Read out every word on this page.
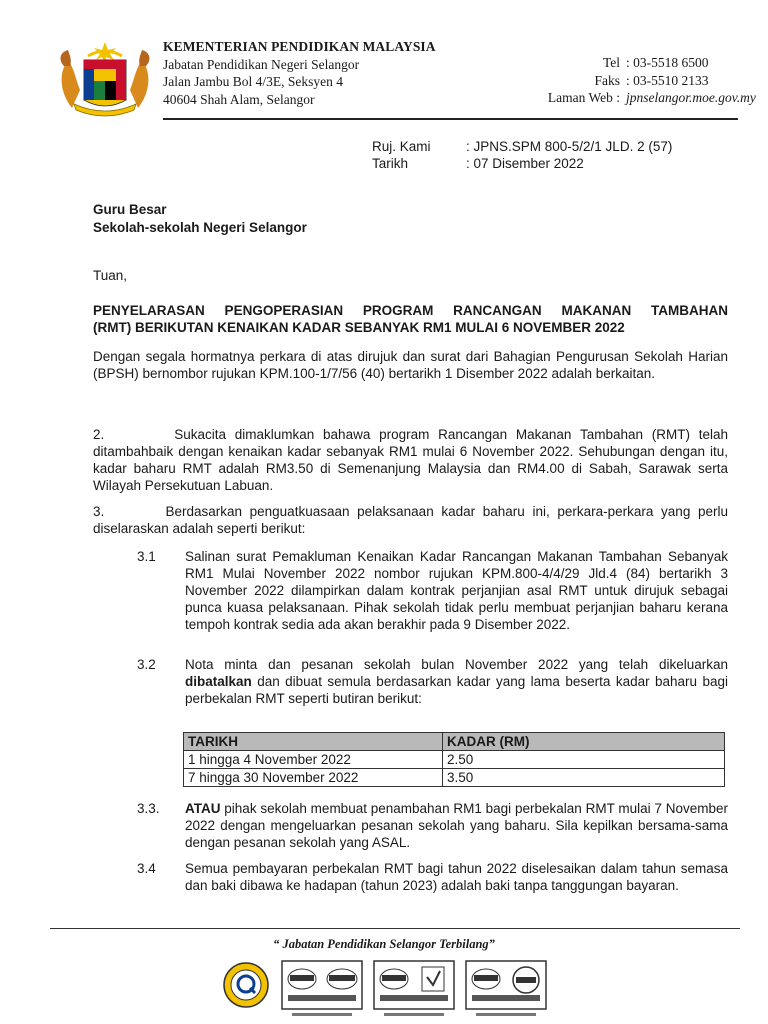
KEMENTERIAN PENDIDIKAN MALAYSIA
Jabatan Pendidikan Negeri Selangor
Jalan Jambu Bol 4/3E, Seksyen 4
40604 Shah Alam, Selangor
Tel : 03-5518 6500
Faks : 03-5510 2133
Laman Web : jpnselangor.moe.gov.my
Ruj. Kami	: JPNS.SPM 800-5/2/1 JLD. 2 (57)
Tarikh	: 07 Disember 2022
Guru Besar
Sekolah-sekolah Negeri Selangor
Tuan,
PENYELARASAN PENGOPERASIAN PROGRAM RANCANGAN MAKANAN TAMBAHAN
(RMT) BERIKUTAN KENAIKAN KADAR SEBANYAK RM1 MULAI 6 NOVEMBER 2022
Dengan segala hormatnya perkara di atas dirujuk dan surat dari Bahagian Pengurusan Sekolah Harian (BPSH) bernombor rujukan KPM.100-1/7/56 (40) bertarikh 1 Disember 2022 adalah berkaitan.
2.        Sukacita dimaklumkan bahawa program Rancangan Makanan Tambahan (RMT) telah ditambahbaik dengan kenaikan kadar sebanyak RM1 mulai 6 November 2022. Sehubungan dengan itu, kadar baharu RMT adalah RM3.50 di Semenanjung Malaysia dan RM4.00 di Sabah, Sarawak serta Wilayah Persekutuan Labuan.
3.        Berdasarkan penguatkuasaan pelaksanaan kadar baharu ini, perkara-perkara yang perlu diselaraskan adalah seperti berikut:
3.1	Salinan surat Pemakluman Kenaikan Kadar Rancangan Makanan Tambahan Sebanyak RM1 Mulai November 2022 nombor rujukan KPM.800-4/4/29 Jld.4 (84) bertarikh 3 November 2022 dilampirkan dalam kontrak perjanjian asal RMT untuk dirujuk sebagai punca kuasa pelaksanaan. Pihak sekolah tidak perlu membuat perjanjian baharu kerana tempoh kontrak sedia ada akan berakhir pada 9 Disember 2022.
3.2	Nota minta dan pesanan sekolah bulan November 2022 yang telah dikeluarkan dibatalkan dan dibuat semula berdasarkan kadar yang lama beserta kadar baharu bagi perbekalan RMT seperti butiran berikut:
TARIKH	KADAR (RM)
1 hingga 4 November 2022	2.50
7 hingga 30 November 2022	3.50
3.3.	ATAU pihak sekolah membuat penambahan RM1 bagi perbekalan RMT mulai 7 November 2022 dengan mengeluarkan pesanan sekolah yang baharu. Sila kepilkan bersama-sama dengan pesanan sekolah yang ASAL.
3.4	Semua pembayaran perbekalan RMT bagi tahun 2022 diselesaikan dalam tahun semasa dan baki dibawa ke hadapan (tahun 2023) adalah baki tanpa tanggungan bayaran.
“ Jabatan Pendidikan Selangor Terbilang”
